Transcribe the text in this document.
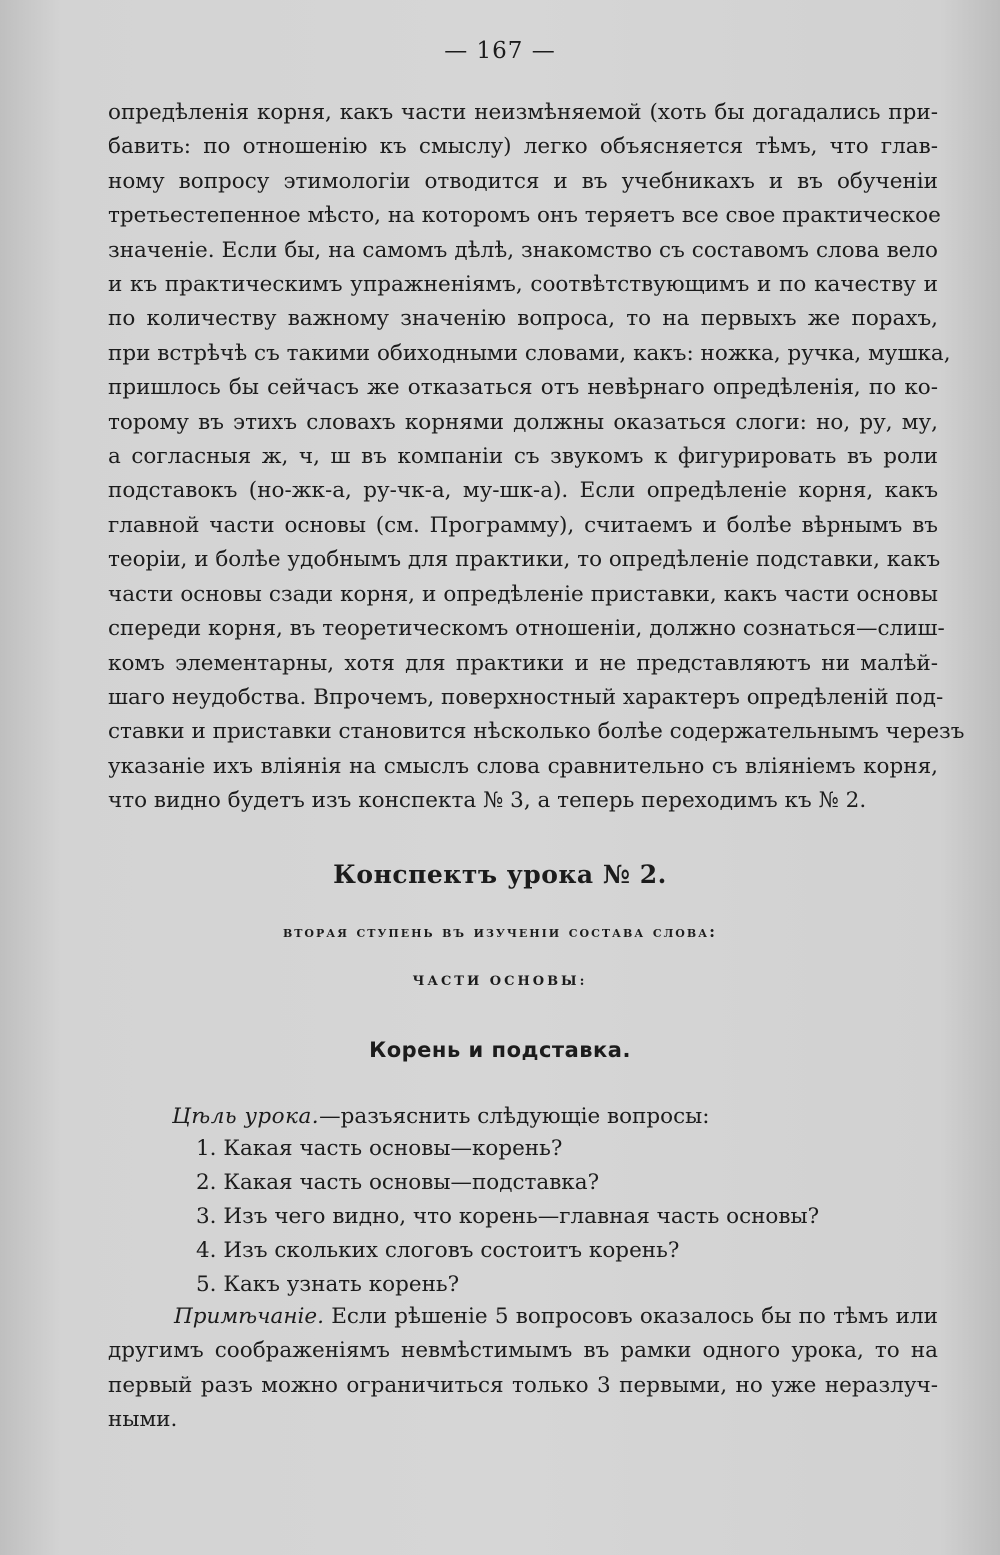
— 167 —
опредѣленія корня, какъ части неизмѣняемой (хоть бы догадались при-
бавить: по отношенію къ смыслу) легко объясняется тѣмъ, что глав-
ному вопросу этимологіи отводится и въ учебникахъ и въ обученіи
третьестепенное мѣсто, на которомъ онъ теряетъ все свое практическое
значеніе. Если бы, на самомъ дѣлѣ, знакомство съ составомъ слова вело
и къ практическимъ упражненіямъ, соотвѣтствующимъ и по качеству и
по количеству важному значенію вопроса, то на первыхъ же порахъ,
при встрѣчѣ съ такими обиходными словами, какъ: ножка, ручка, мушка,
пришлось бы сейчасъ же отказаться отъ невѣрнаго опредѣленія, по ко-
торому въ этихъ словахъ корнями должны оказаться слоги: но, ру, му,
а согласныя ж, ч, ш въ компаніи съ звукомъ к фигурировать въ роли
подставокъ (но-жк-а, ру-чк-а, му-шк-а). Если опредѣленіе корня, какъ
главной части основы (см. Программу), считаемъ и болѣе вѣрнымъ въ
теоріи, и болѣе удобнымъ для практики, то опредѣленіе подставки, какъ
части основы сзади корня, и опредѣленіе приставки, какъ части основы
спереди корня, въ теоретическомъ отношеніи, должно сознаться—слиш-
комъ элементарны, хотя для практики и не представляютъ ни малѣй-
шаго неудобства. Впрочемъ, поверхностный характеръ опредѣленій под-
ставки и приставки становится нѣсколько болѣе содержательнымъ черезъ
указаніе ихъ вліянія на смыслъ слова сравнительно съ вліяніемъ корня,
что видно будетъ изъ конспекта № 3, а теперь переходимъ къ № 2.
Конспектъ урока № 2.
вторая ступень въ изученіи состава слова:
ЧАСТИ ОСНОВЫ:
Корень и подставка.
Цѣль урока.—разъяснить слѣдующіе вопросы:
1. Какая часть основы—корень?
2. Какая часть основы—подставка?
3. Изъ чего видно, что корень—главная часть основы?
4. Изъ скольких слоговъ состоитъ корень?
5. Какъ узнать корень?
Примѣчаніе. Если рѣшеніе 5 вопросовъ оказалось бы по тѣмъ или
другимъ соображеніямъ невмѣстимымъ въ рамки одного урока, то на
первый разъ можно ограничиться только 3 первыми, но уже неразлуч-
ными.
